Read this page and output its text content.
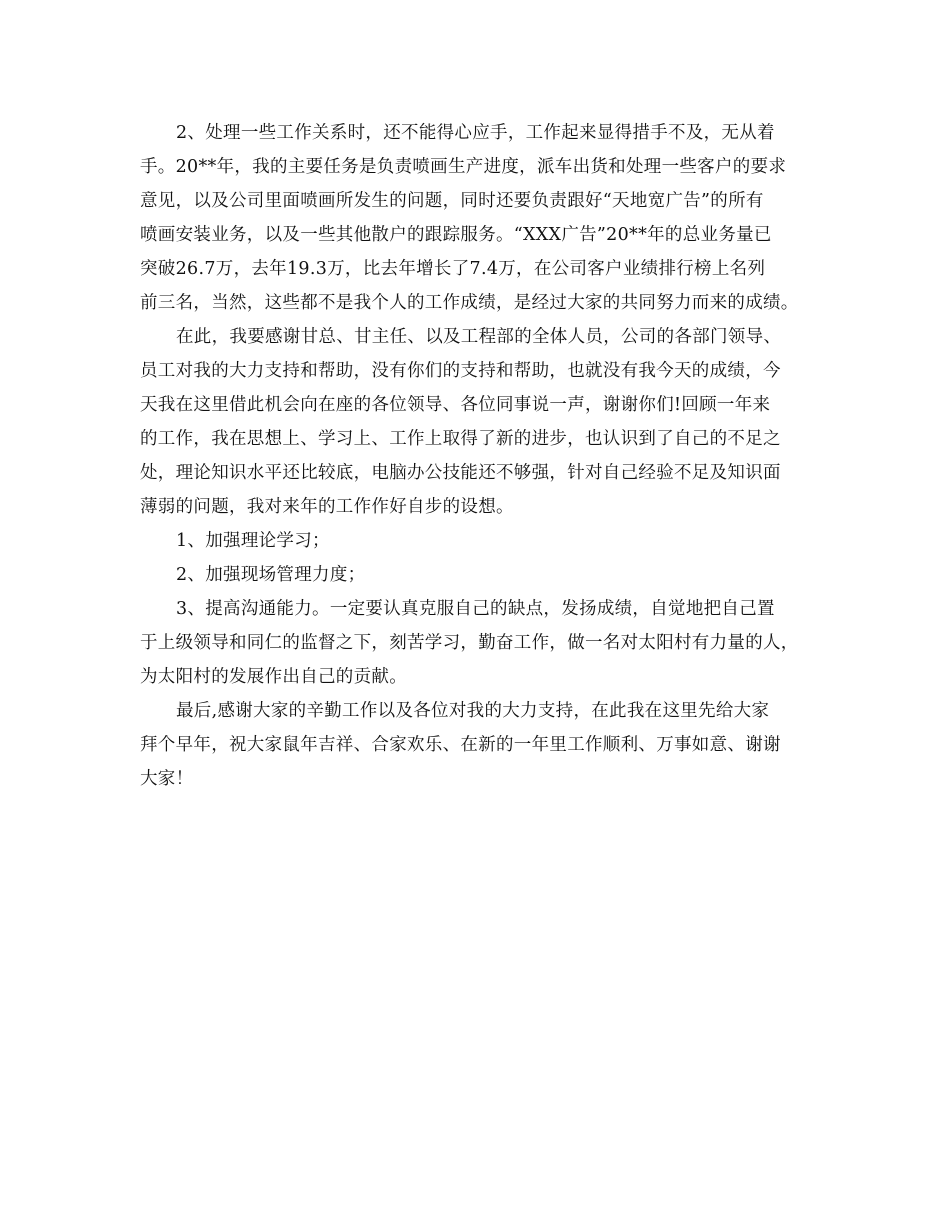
2、处理一些工作关系时，还不能得心应手，工作起来显得措手不及，无从着
手。20**年，我的主要任务是负责喷画生产进度，派车出货和处理一些客户的要求
意见，以及公司里面喷画所发生的问题，同时还要负责跟好“天地宽广告”的所有
喷画安装业务，以及一些其他散户的跟踪服务。“XXX广告”20**年的总业务量已
突破26.7万，去年19.3万，比去年增长了7.4万，在公司客户业绩排行榜上名列
前三名，当然，这些都不是我个人的工作成绩，是经过大家的共同努力而来的成绩。
在此，我要感谢甘总、甘主任、以及工程部的全体人员，公司的各部门领导、
员工对我的大力支持和帮助，没有你们的支持和帮助，也就没有我今天的成绩，今
天我在这里借此机会向在座的各位领导、各位同事说一声，谢谢你们!回顾一年来
的工作，我在思想上、学习上、工作上取得了新的进步，也认识到了自己的不足之
处，理论知识水平还比较底，电脑办公技能还不够强，针对自己经验不足及知识面
薄弱的问题，我对来年的工作作好自步的设想。
1、加强理论学习；
2、加强现场管理力度；
3、提高沟通能力。一定要认真克服自己的缺点，发扬成绩，自觉地把自己置
于上级领导和同仁的监督之下，刻苦学习，勤奋工作，做一名对太阳村有力量的人，
为太阳村的发展作出自己的贡献。
最后,感谢大家的辛勤工作以及各位对我的大力支持，在此我在这里先给大家
拜个早年，祝大家鼠年吉祥、合家欢乐、在新的一年里工作顺利、万事如意、谢谢
大家！
